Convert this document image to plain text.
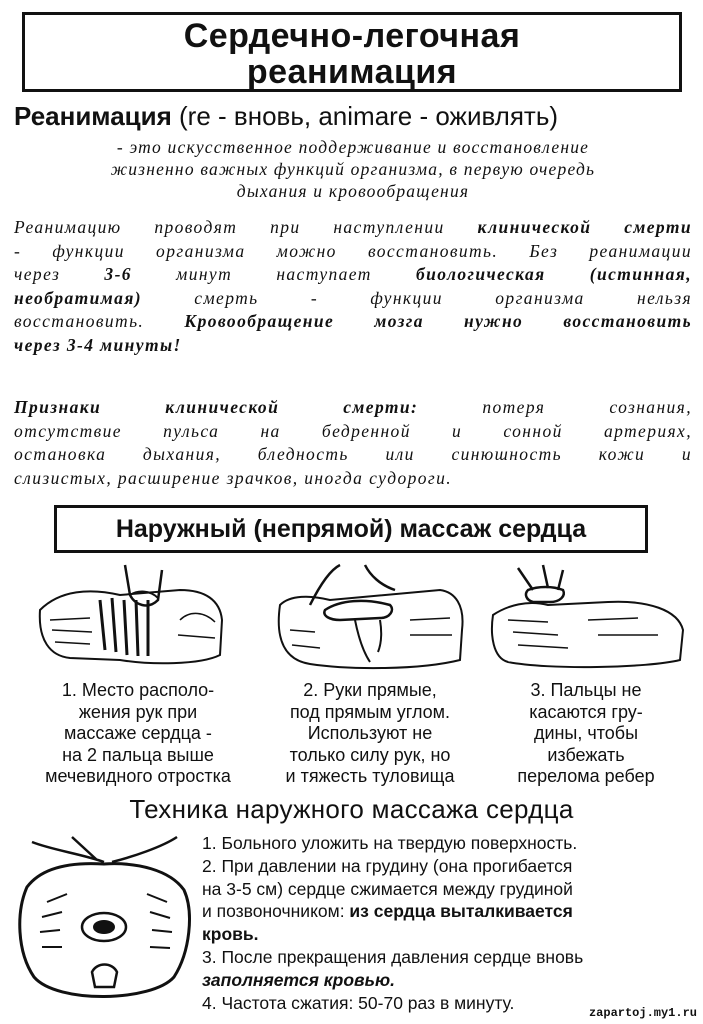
Сердечно-легочная
реанимация
Реанимация (re - вновь, animare - оживлять)
- это искусственное поддерживание и восстановление
жизненно важных функций организма, в первую очередь
дыхания и кровообращения
Реанимацию проводят при наступлении клинической смерти
- функции организма можно восстановить. Без реанимации
через 3-6 минут наступает биологическая (истинная,
необратимая) смерть - функции организма нельзя
восстановить. Кровообращение мозга нужно восстановить
через 3-4 минуты!
Признаки клинической смерти: потеря сознания,
отсутствие пульса на бедренной и сонной артериях,
остановка дыхания, бледность или синюшность кожи и
слизистых, расширение зрачков, иногда судороги.
Наружный (непрямой) массаж сердца
1. Место располо-
жения рук при
массаже сердца -
на 2 пальца выше
мечевидного отростка
2. Руки прямые,
под прямым углом.
Используют не
только силу рук, но
и тяжесть туловища
3. Пальцы не
касаются гру-
дины, чтобы
избежать
перелома ребер
Техника наружного массажа сердца
1. Больного уложить на твердую поверхность.
2. При давлении на грудину (она прогибается
на 3-5 см) сердце сжимается между грудиной
и позвоночником: из сердца выталкивается
кровь.
3. После прекращения давления сердце вновь
заполняется кровью.
4. Частота сжатия: 50-70 раз в минуту.
zapartoj.my1.ru
